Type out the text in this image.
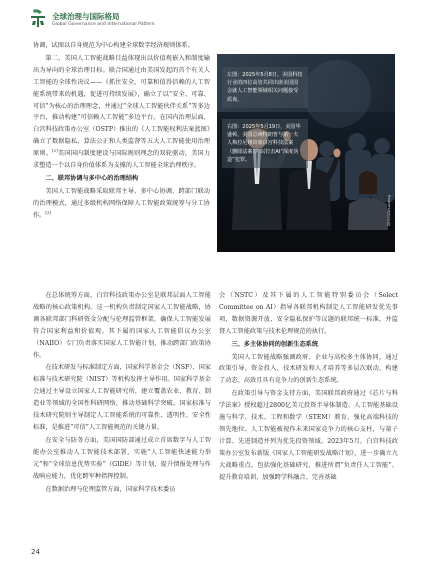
全球治理与国际格局
Global Governance and International Pattern

协调，试图以自身规范为中心构建全球数字经济规则体系。

第二，美国人工智能战略目益体现出以价值观嵌入和制度输出为导向的全球治理目标。联合国通过由美国发起的首个有关人工智能的全球性决议——《抓住安全、可靠和值得信赖的人工智能系统带来的机遇，促进可持续发展》，确立了以“安全、可靠、可信”为核心的治理理念，并通过“全球人工智能伙伴关系”等多边平台，推动构建“可信赖人工智能”多边平台。在国内治理层面，白宫科技政策办公室（OSTP）推出的《人工智能权利法案蓝图》确立了数据隐私、算法公正和人类监督等五大人工智能使用治理原则。[2]美国国内制度建设与国际规则理念的双轮驱动，美国力求塑造一个以自身价值体系为支撑的人工智能全球治理秩序。

二、联邦协调与多中心的治理结构

美国人工智能战略采取联邦主导、多中心协调、跨部门联动的治理模式，通过多级机构网络保障人工智能政策统筹与分工协作。[3]

左图：2025年5月8日，美国科技行业的四位高管共同出席美国国会就人工智能领域相关问题接受质询。
右图：2025年5月19日，美国华盛顿，美国总统特朗普与第一夫人梅拉尼娅出席白宫科技法案（删除法案）。以打击AI“深度伪造”犯罪。
Reuters/视觉中国

在总体统筹方面，白宫科技政策办公室是联邦层面人工智能战略的核心政策机构。这一机构负责制定国家人工智能战略，协调各联邦部门科研资金分配与伦理监管框架，确保人工智能发展符合国家利益和价值观。其下属的国家人工智能倡议办公室（NAIIO）专门负责落实国家人工智能计划，推动跨部门政策协作。

在技术研发与标准制定方面，国家科学基金会（NSF）、国家标准与技术研究院（NIST）等机构发挥主导作用。国家科学基金会通过主导设立国家人工智能研究所，建立覆盖农业、教育、制造业等领域的全国性科研网络，推动基础科学突破。国家标准与技术研究院则主导制定人工智能系统的可靠性、透明性、安全性标准，是推进“可信”人工智能规范的关键力量。

在安全与防务方面，美国国防部通过成立首席数字与人工智能办公室推动人工智能技术部署，实施“人工智能快速能力举元”和“全球信息优势实验”（GIDE）等计划，提升情报处理与作战响应能力，优化跨军种指挥控制。

在数据治理与伦理监管方面，国家科学技术委员

会（NSTC）及其下属的人工智能特别委员会（Select Committee on AI）指导各联邦机构制定人工智能研发优先事项、数据资源开放、安全隐私保护等议题的联邦统一标准，并监督人工智能政策与技术伦理规范的执行。

三、多主体协同的创新生态系统

美国人工智能战略强调政府、企业与高校多主体协同，通过政策引导、资金投入、技术研发和人才培养等多层次联动，构建了动态、高效且具有竞争力的创新生态系统。

在政策引导与资金支持方面，美国联邦政府通过《芯片与科学法案》授权超过2800亿美元投资半导体制造、人工智能基础设施与科学、技术、工程和数学（STEM）教育，强化高端科技的领先地位。人工智能被视作未来国家竞争力的核心支柱，与量子计算、先进制造并列为优先投资领域。2023年5月，白宫科技政策办公室发布新版《国家人工智能研发战略计划》，进一步确立九大战略重点，包括强化基础研究、推进所谓“负责任人工智能”、提升教育培训、加强跨学科融合、完善基础

24
